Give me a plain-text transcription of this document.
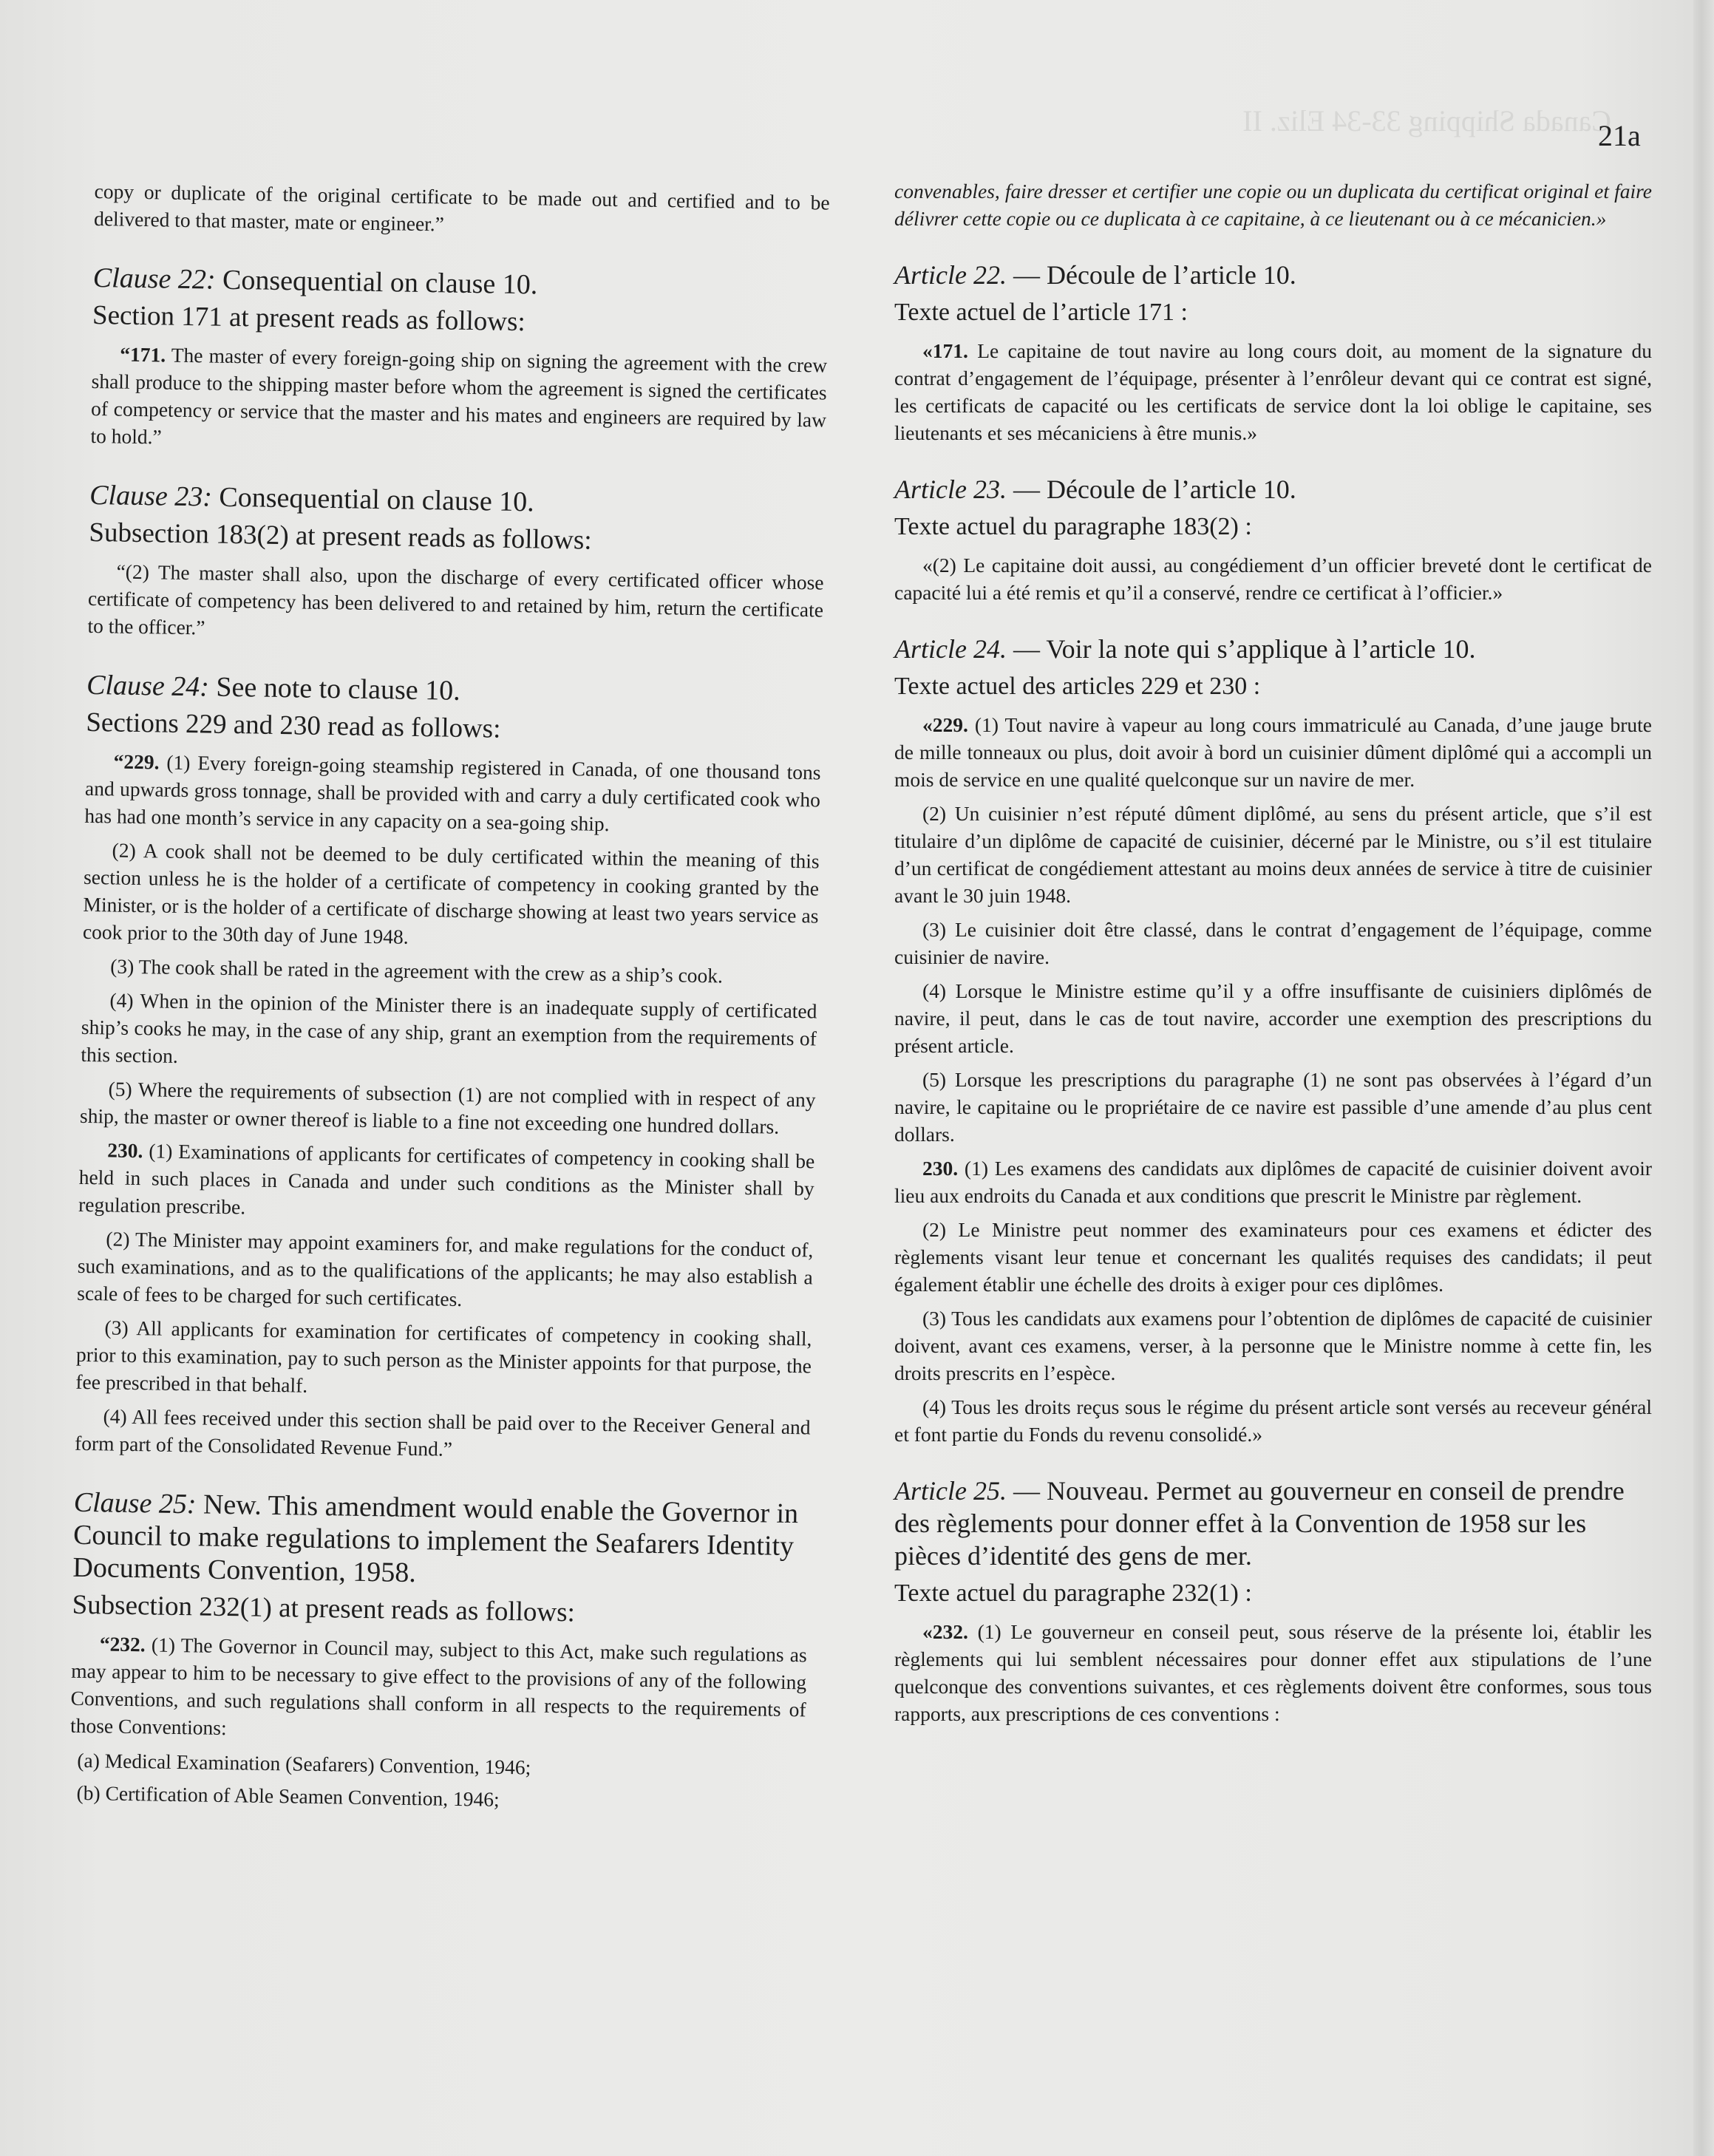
Canada Shipping 33-34 Eliz. II
21a

copy or duplicate of the original certificate to be made out and certified and to be delivered to that master, mate or engineer.”

Clause 22: Consequential on clause 10.
Section 171 at present reads as follows:

“171. The master of every foreign-going ship on signing the agreement with the crew shall produce to the shipping master before whom the agreement is signed the certificates of competency or service that the master and his mates and engineers are required by law to hold.”

Clause 23: Consequential on clause 10.
Subsection 183(2) at present reads as follows:

“(2) The master shall also, upon the discharge of every certificated officer whose certificate of competency has been delivered to and retained by him, return the certificate to the officer.”

Clause 24: See note to clause 10.
Sections 229 and 230 read as follows:

“229. (1) Every foreign-going steamship registered in Canada, of one thousand tons and upwards gross tonnage, shall be provided with and carry a duly certificated cook who has had one month’s service in any capacity on a sea-going ship.

(2) A cook shall not be deemed to be duly certificated within the meaning of this section unless he is the holder of a certificate of competency in cooking granted by the Minister, or is the holder of a certificate of discharge showing at least two years service as cook prior to the 30th day of June 1948.

(3) The cook shall be rated in the agreement with the crew as a ship’s cook.

(4) When in the opinion of the Minister there is an inadequate supply of certificated ship’s cooks he may, in the case of any ship, grant an exemption from the requirements of this section.

(5) Where the requirements of subsection (1) are not complied with in respect of any ship, the master or owner thereof is liable to a fine not exceeding one hundred dollars.

230. (1) Examinations of applicants for certificates of competency in cooking shall be held in such places in Canada and under such conditions as the Minister shall by regulation prescribe.

(2) The Minister may appoint examiners for, and make regulations for the conduct of, such examinations, and as to the qualifications of the applicants; he may also establish a scale of fees to be charged for such certificates.

(3) All applicants for examination for certificates of competency in cooking shall, prior to this examination, pay to such person as the Minister appoints for that purpose, the fee prescribed in that behalf.

(4) All fees received under this section shall be paid over to the Receiver General and form part of the Consolidated Revenue Fund.”

Clause 25: New. This amendment would enable the Governor in Council to make regulations to implement the Seafarers Identity Documents Convention, 1958.
Subsection 232(1) at present reads as follows:

“232. (1) The Governor in Council may, subject to this Act, make such regulations as may appear to him to be necessary to give effect to the provisions of any of the following Conventions, and such regulations shall conform in all respects to the requirements of those Conventions:

(a) Medical Examination (Seafarers) Convention, 1946;
(b) Certification of Able Seamen Convention, 1946;

convenables, faire dresser et certifier une copie ou un duplicata du certificat original et faire délivrer cette copie ou ce duplicata à ce capitaine, à ce lieutenant ou à ce mécanicien.»

Article 22. — Découle de l’article 10.
Texte actuel de l’article 171 :

«171. Le capitaine de tout navire au long cours doit, au moment de la signature du contrat d’engagement de l’équipage, présenter à l’enrôleur devant qui ce contrat est signé, les certificats de capacité ou les certificats de service dont la loi oblige le capitaine, ses lieutenants et ses mécaniciens à être munis.»

Article 23. — Découle de l’article 10.
Texte actuel du paragraphe 183(2) :

«(2) Le capitaine doit aussi, au congédiement d’un officier breveté dont le certificat de capacité lui a été remis et qu’il a conservé, rendre ce certificat à l’officier.»

Article 24. — Voir la note qui s’applique à l’article 10.
Texte actuel des articles 229 et 230 :

«229. (1) Tout navire à vapeur au long cours immatriculé au Canada, d’une jauge brute de mille tonneaux ou plus, doit avoir à bord un cuisinier dûment diplômé qui a accompli un mois de service en une qualité quelconque sur un navire de mer.

(2) Un cuisinier n’est réputé dûment diplômé, au sens du présent article, que s’il est titulaire d’un diplôme de capacité de cuisinier, décerné par le Ministre, ou s’il est titulaire d’un certificat de congédiement attestant au moins deux années de service à titre de cuisinier avant le 30 juin 1948.

(3) Le cuisinier doit être classé, dans le contrat d’engagement de l’équipage, comme cuisinier de navire.

(4) Lorsque le Ministre estime qu’il y a offre insuffisante de cuisiniers diplômés de navire, il peut, dans le cas de tout navire, accorder une exemption des prescriptions du présent article.

(5) Lorsque les prescriptions du paragraphe (1) ne sont pas observées à l’égard d’un navire, le capitaine ou le propriétaire de ce navire est passible d’une amende d’au plus cent dollars.

230. (1) Les examens des candidats aux diplômes de capacité de cuisinier doivent avoir lieu aux endroits du Canada et aux conditions que prescrit le Ministre par règlement.

(2) Le Ministre peut nommer des examinateurs pour ces examens et édicter des règlements visant leur tenue et concernant les qualités requises des candidats; il peut également établir une échelle des droits à exiger pour ces diplômes.

(3) Tous les candidats aux examens pour l’obtention de diplômes de capacité de cuisinier doivent, avant ces examens, verser, à la personne que le Ministre nomme à cette fin, les droits prescrits en l’espèce.

(4) Tous les droits reçus sous le régime du présent article sont versés au receveur général et font partie du Fonds du revenu consolidé.»

Article 25. — Nouveau. Permet au gouverneur en conseil de prendre des règlements pour donner effet à la Convention de 1958 sur les pièces d’identité des gens de mer.
Texte actuel du paragraphe 232(1) :

«232. (1) Le gouverneur en conseil peut, sous réserve de la présente loi, établir les règlements qui lui semblent nécessaires pour donner effet aux stipulations de l’une quelconque des conventions suivantes, et ces règlements doivent être conformes, sous tous rapports, aux prescriptions de ces conventions :
